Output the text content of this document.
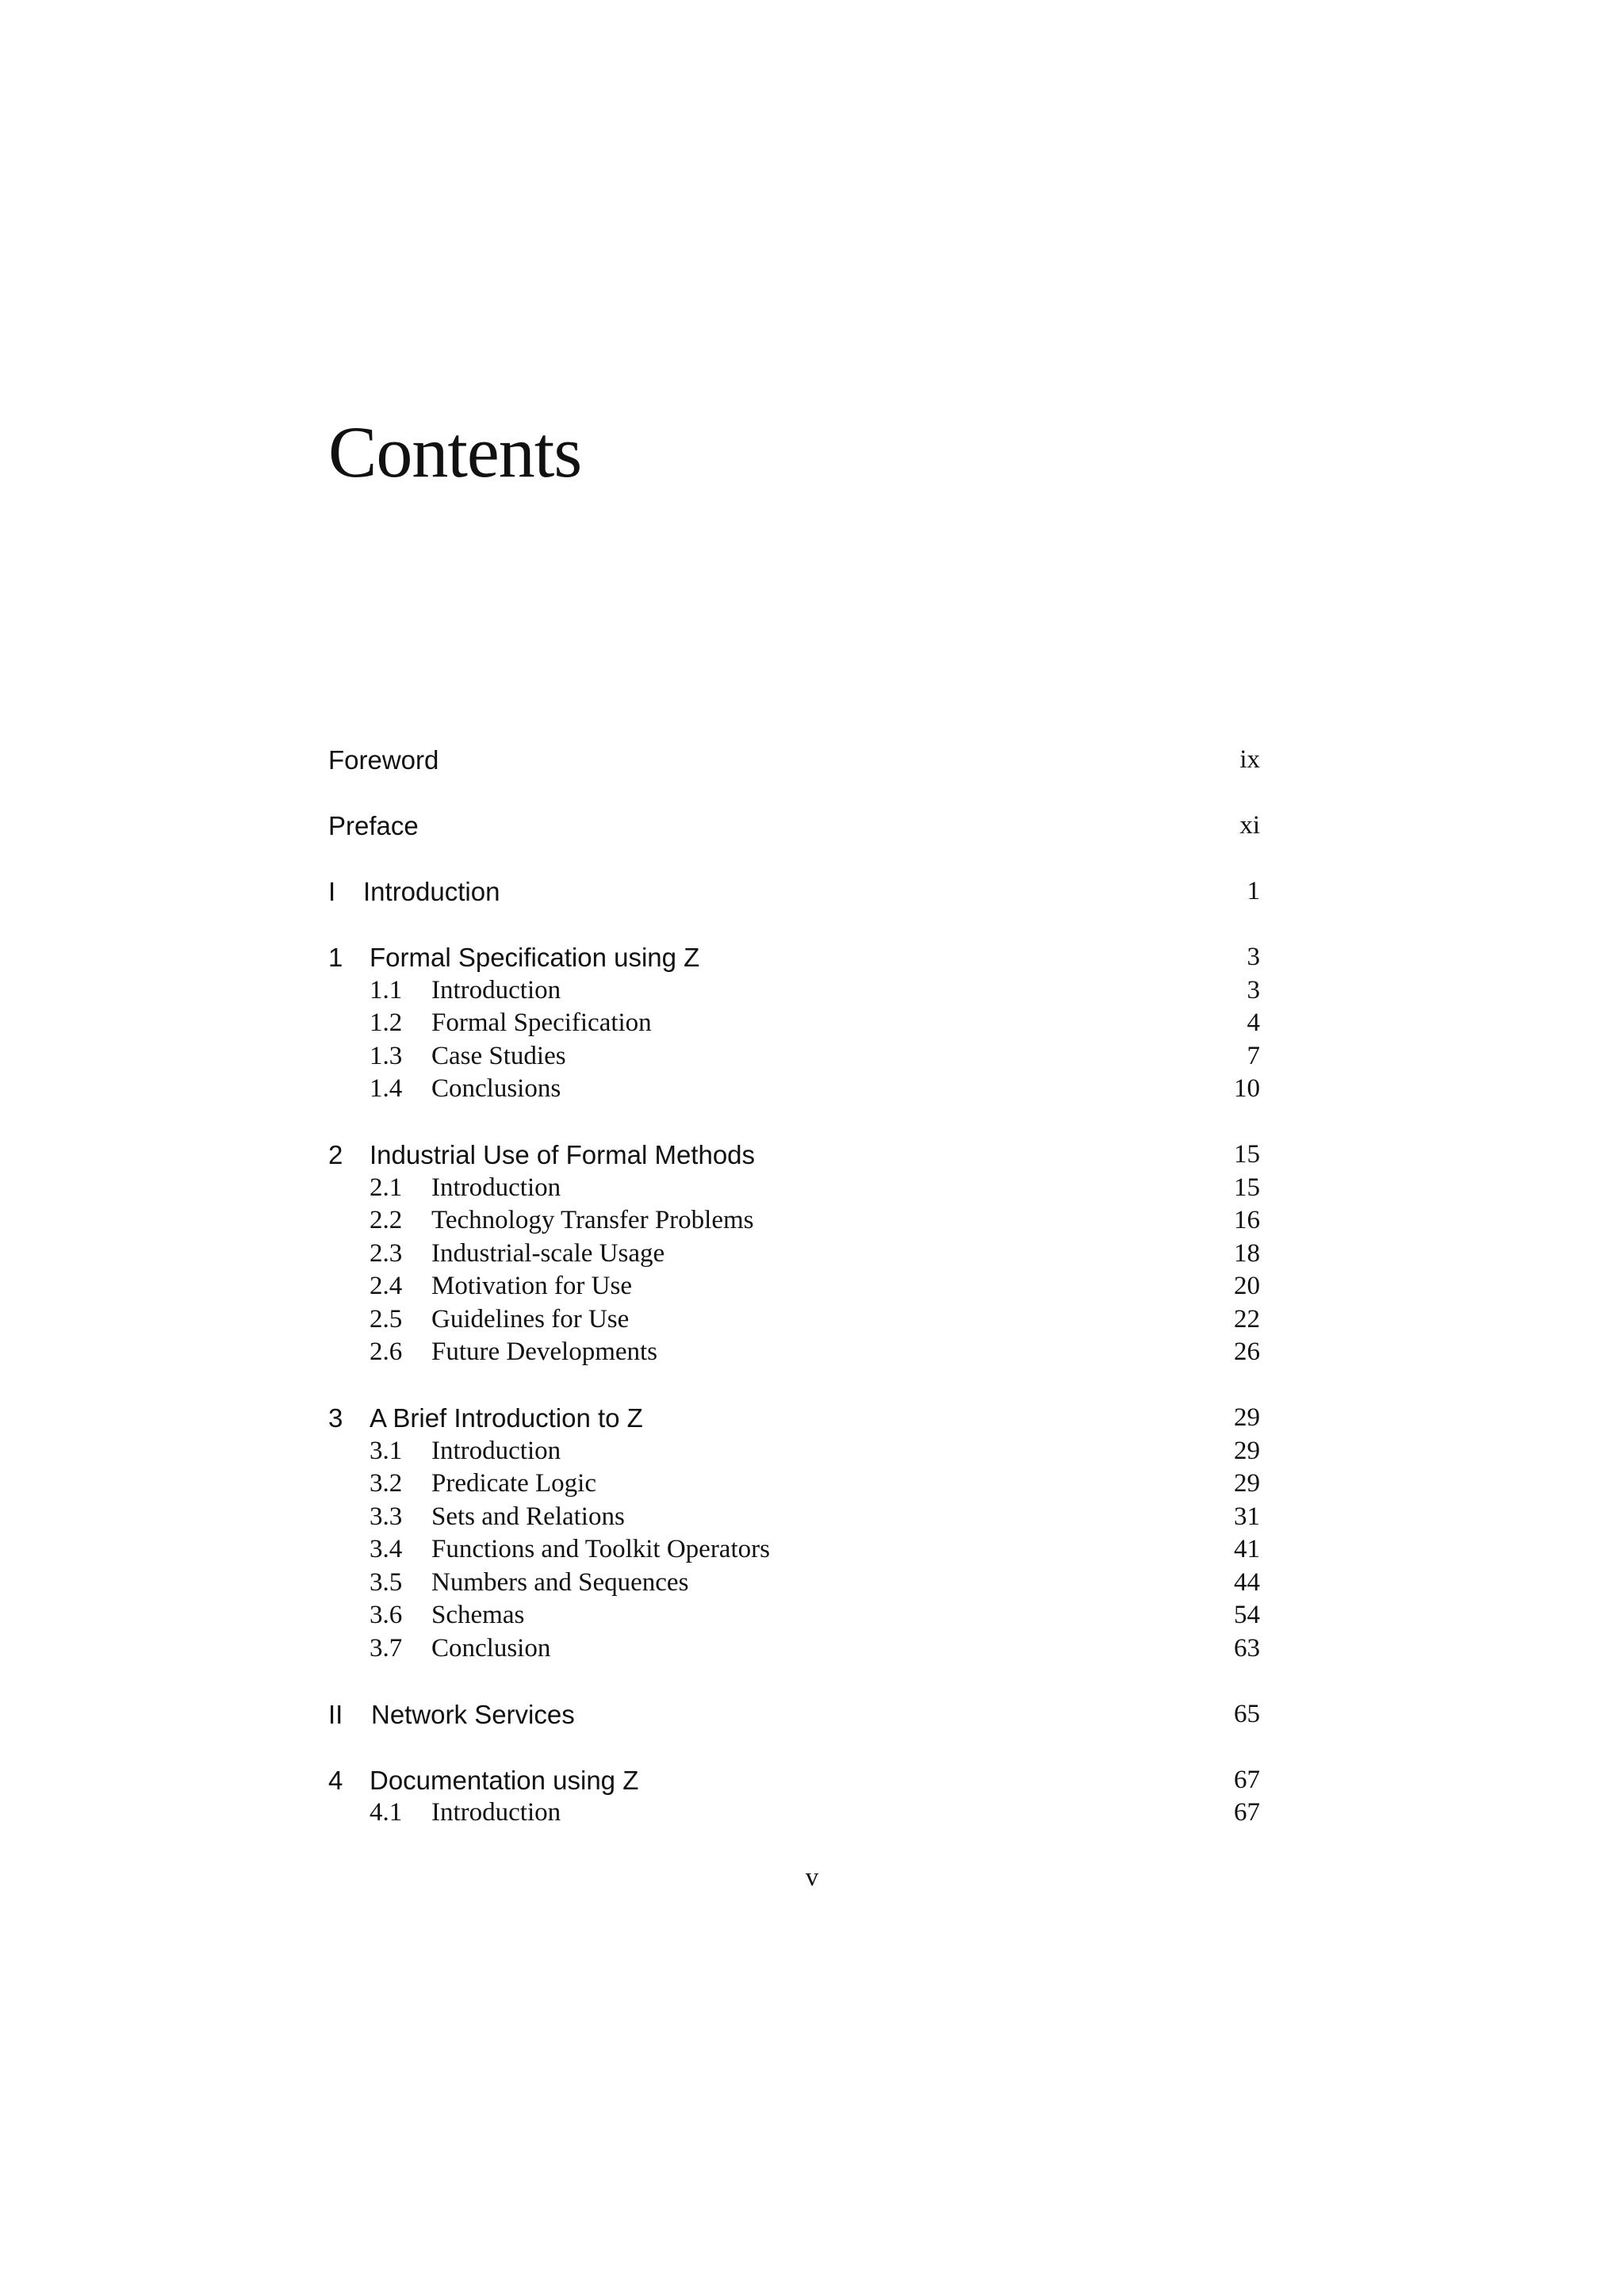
Contents
Foreword	ix
Preface	xi
I Introduction	1
1 Formal Specification using Z	3
1.1 Introduction	3
1.2 Formal Specification	4
1.3 Case Studies	7
1.4 Conclusions	10
2 Industrial Use of Formal Methods	15
2.1 Introduction	15
2.2 Technology Transfer Problems	16
2.3 Industrial-scale Usage	18
2.4 Motivation for Use	20
2.5 Guidelines for Use	22
2.6 Future Developments	26
3 A Brief Introduction to Z	29
3.1 Introduction	29
3.2 Predicate Logic	29
3.3 Sets and Relations	31
3.4 Functions and Toolkit Operators	41
3.5 Numbers and Sequences	44
3.6 Schemas	54
3.7 Conclusion	63
II Network Services	65
4 Documentation using Z	67
4.1 Introduction	67
v
